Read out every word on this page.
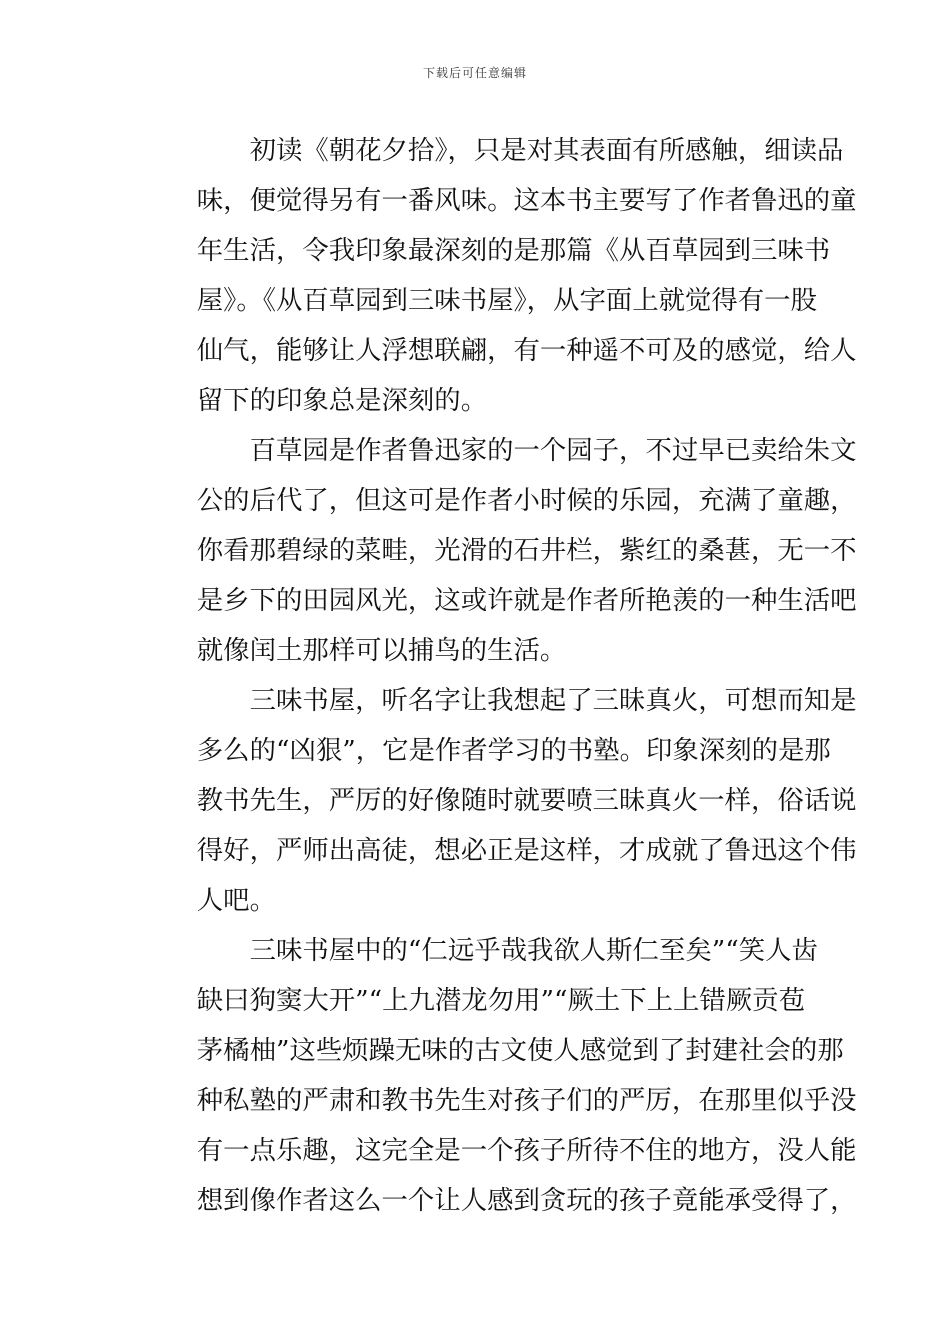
下载后可任意编辑
初读《朝花夕拾》，只是对其表面有所感触，细读品
味，便觉得另有一番风味。这本书主要写了作者鲁迅的童
年生活，令我印象最深刻的是那篇《从百草园到三味书
屋》。《从百草园到三味书屋》，从字面上就觉得有一股
仙气，能够让人浮想联翩，有一种遥不可及的感觉，给人
留下的印象总是深刻的。
百草园是作者鲁迅家的一个园子，不过早已卖给朱文
公的后代了，但这可是作者小时候的乐园，充满了童趣，
你看那碧绿的菜畦，光滑的石井栏，紫红的桑葚，无一不
是乡下的田园风光，这或许就是作者所艳羡的一种生活吧
就像闰土那样可以捕鸟的生活。
三味书屋，听名字让我想起了三昧真火，可想而知是
多么的“凶狠”，它是作者学习的书塾。印象深刻的是那
教书先生，严厉的好像随时就要喷三昧真火一样，俗话说
得好，严师出高徒，想必正是这样，才成就了鲁迅这个伟
人吧。
三味书屋中的“仁远乎哉我欲人斯仁至矣”“笑人齿
缺曰狗窦大开”“上九潜龙勿用”“厥土下上上错厥贡苞
茅橘柚”这些烦躁无味的古文使人感觉到了封建社会的那
种私塾的严肃和教书先生对孩子们的严厉，在那里似乎没
有一点乐趣，这完全是一个孩子所待不住的地方，没人能
想到像作者这么一个让人感到贪玩的孩子竟能承受得了，
